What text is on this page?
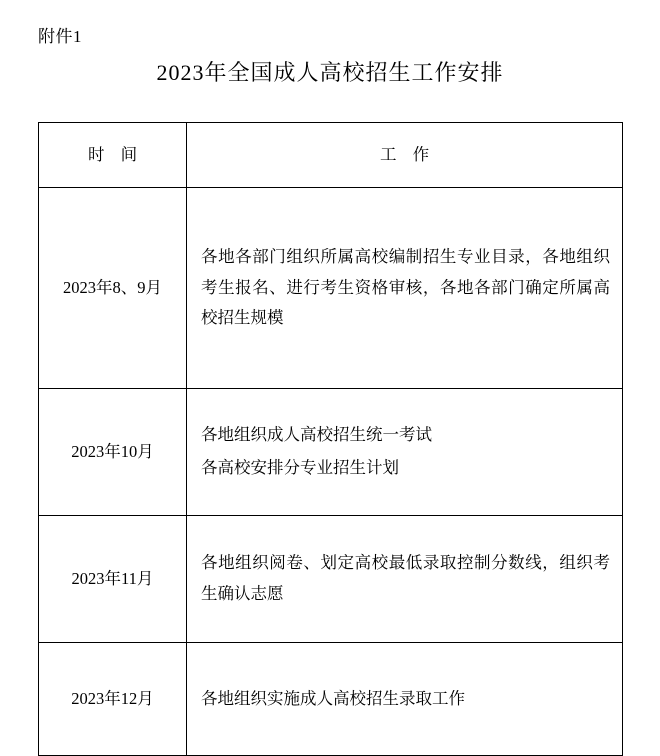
附件1
2023年全国成人高校招生工作安排
时 间	工 作
2023年8、9月	各地各部门组织所属高校编制招生专业目录，各地组织考生报名、进行考生资格审核，各地各部门确定所属高校招生规模

2023年10月	各地组织成人高校招生统一考试

各高校安排分专业招生计划

2023年11月	各地组织阅卷、划定高校最低录取控制分数线，组织考生确认志愿

2023年12月	各地组织实施成人高校招生录取工作
